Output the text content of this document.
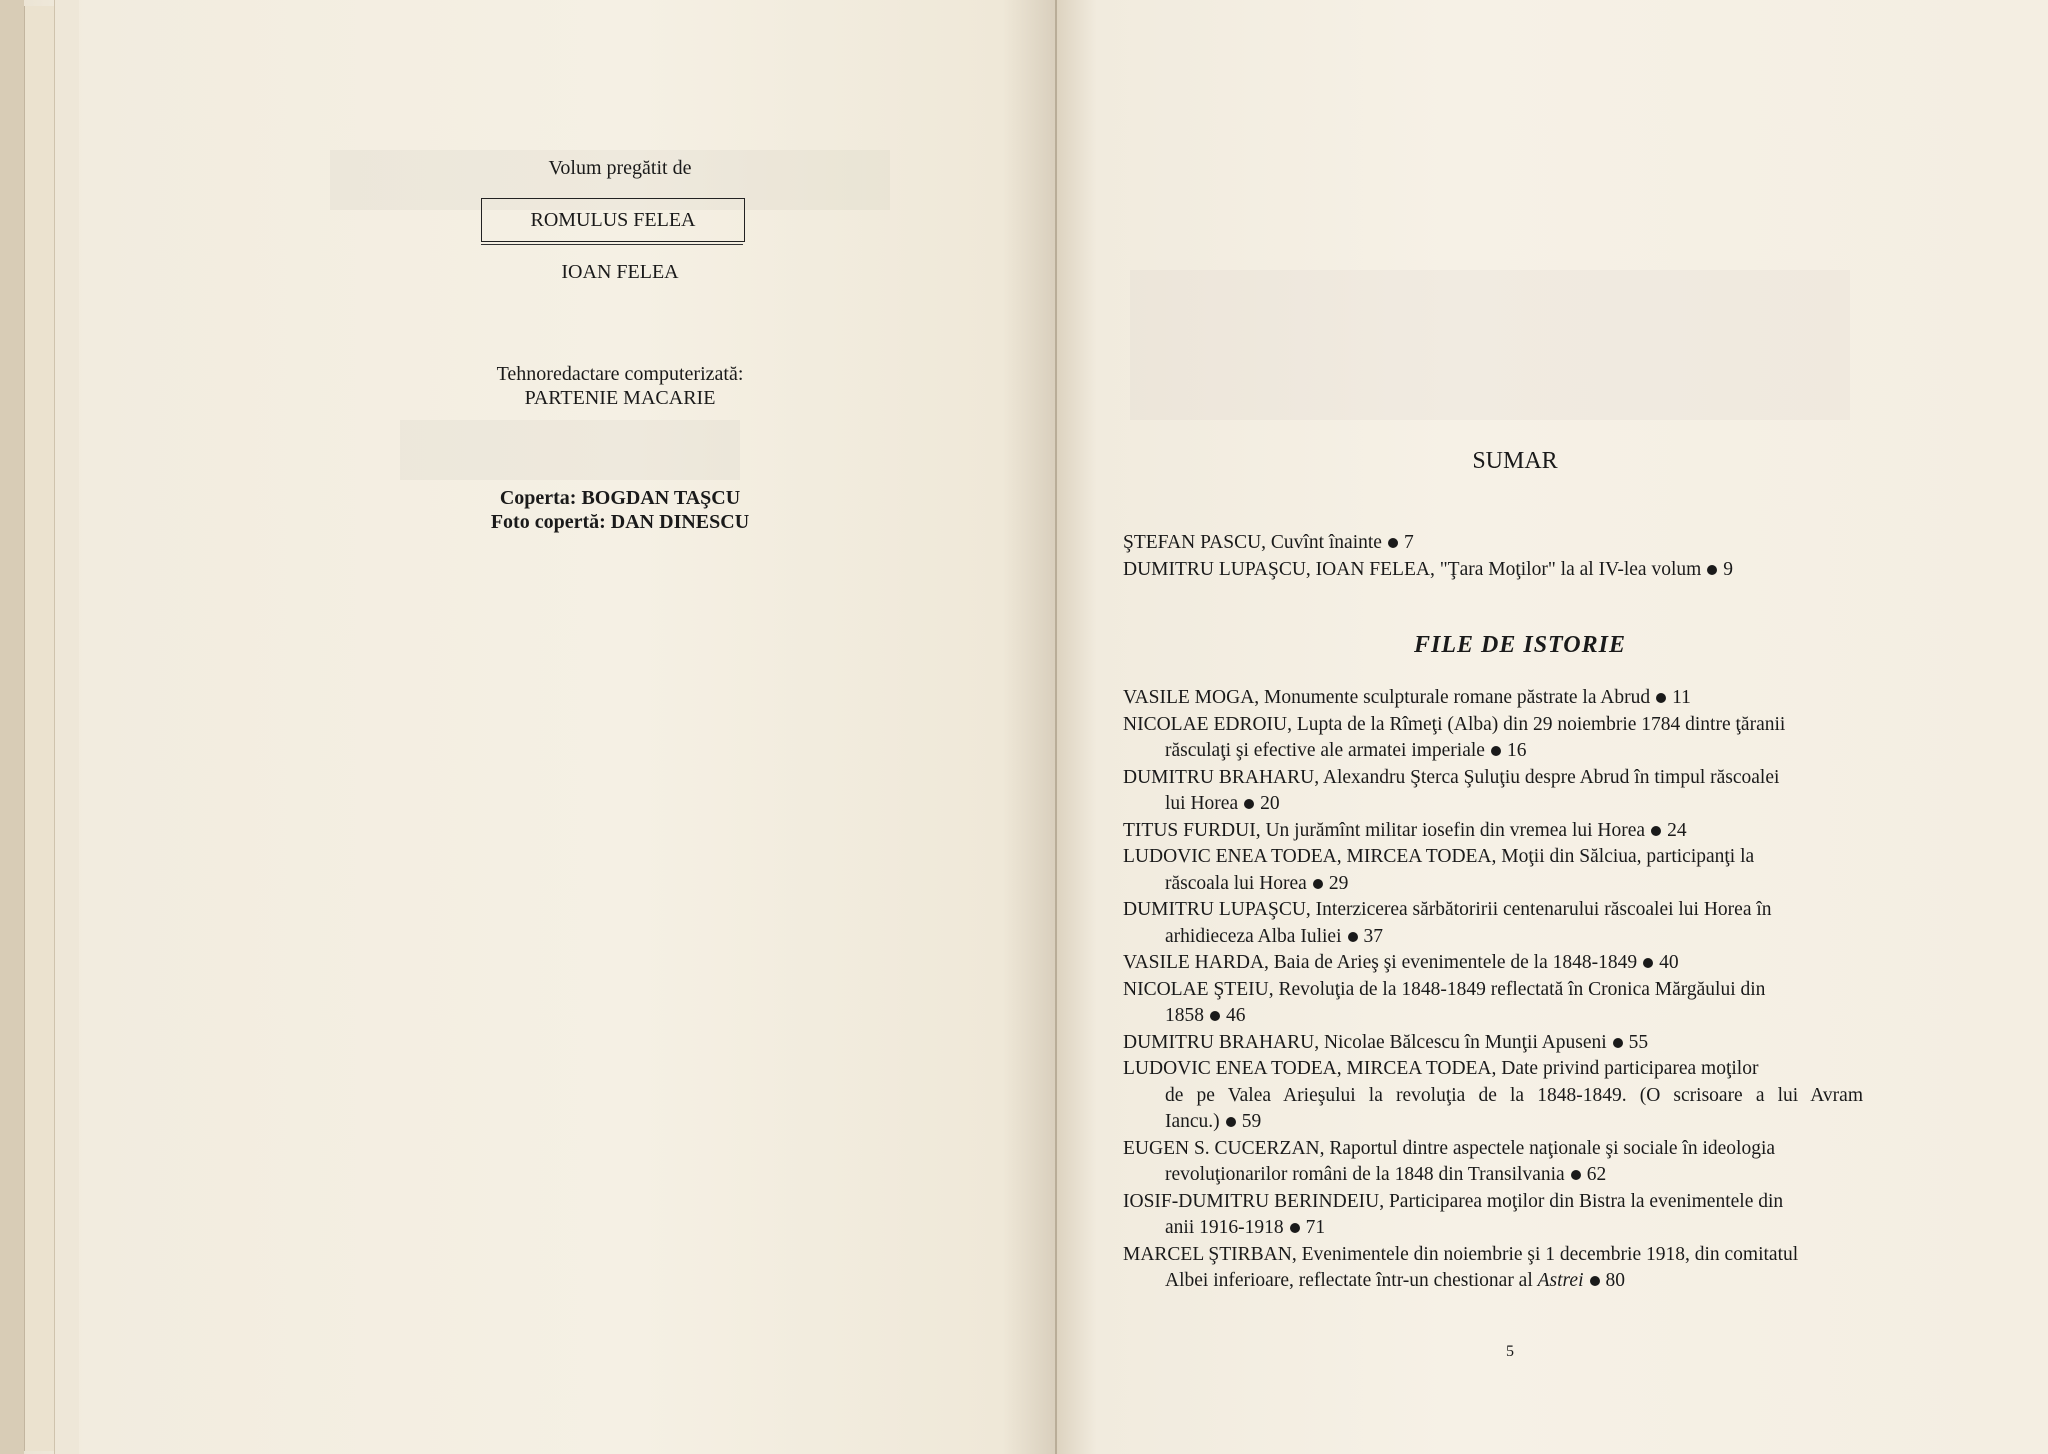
Volum pregătit de
ROMULUS FELEA
IOAN FELEA
Tehnoredactare computerizată:
PARTENIE MACARIE
Coperta: BOGDAN TAŞCU
Foto copertă: DAN DINESCU
SUMAR
ŞTEFAN PASCU, Cuvînt înainte 7
DUMITRU LUPAŞCU, IOAN FELEA, "Ţara Moţilor" la al IV-lea volum 9
FILE DE ISTORIE
VASILE MOGA, Monumente sculpturale romane păstrate la Abrud 11
NICOLAE EDROIU, Lupta de la Rîmeţi (Alba) din 29 noiembrie 1784 dintre ţăranii
răsculaţi şi efective ale armatei imperiale 16
DUMITRU BRAHARU, Alexandru Şterca Şuluţiu despre Abrud în timpul răscoalei
lui Horea 20
TITUS FURDUI, Un jurămînt militar iosefin din vremea lui Horea 24
LUDOVIC ENEA TODEA, MIRCEA TODEA, Moţii din Sălciua, participanţi la
răscoala lui Horea 29
DUMITRU LUPAŞCU, Interzicerea sărbătoririi centenarului răscoalei lui Horea în
arhidieceza Alba Iuliei 37
VASILE HARDA, Baia de Arieş şi evenimentele de la 1848-1849 40
NICOLAE ŞTEIU, Revoluţia de la 1848-1849 reflectată în Cronica Mărgăului din
1858 46
DUMITRU BRAHARU, Nicolae Bălcescu în Munţii Apuseni 55
LUDOVIC ENEA TODEA, MIRCEA TODEA, Date privind participarea moţilor
de pe Valea Arieşului la revoluţia de la 1848-1849. (O scrisoare a lui Avram
Iancu.) 59
EUGEN S. CUCERZAN, Raportul dintre aspectele naţionale şi sociale în ideologia
revoluţionarilor români de la 1848 din Transilvania 62
IOSIF-DUMITRU BERINDEIU, Participarea moţilor din Bistra la evenimentele din
anii 1916-1918 71
MARCEL ŞTIRBAN, Evenimentele din noiembrie şi 1 decembrie 1918, din comitatul
Albei inferioare, reflectate într-un chestionar al Astrei 80
5
